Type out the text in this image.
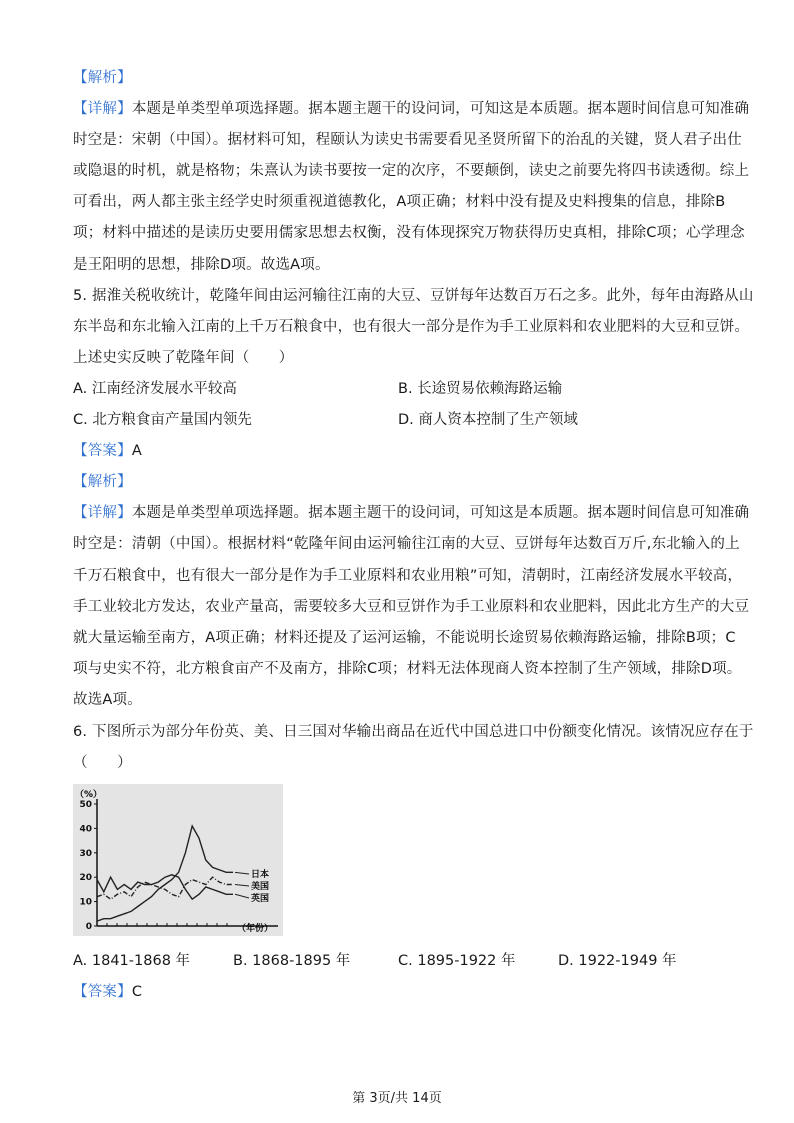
【解析】
【详解】本题是单类型单项选择题。据本题主题干的设问词，可知这是本质题。据本题时间信息可知准确
时空是：宋朝（中国）。据材料可知，程颐认为读史书需要看见圣贤所留下的治乱的关键，贤人君子出仕
或隐退的时机，就是格物；朱熹认为读书要按一定的次序，不要颠倒，读史之前要先将四书读透彻。综上
可看出，两人都主张主经学史时须重视道德教化，A项正确；材料中没有提及史料搜集的信息，排除B
项；材料中描述的是读历史要用儒家思想去权衡，没有体现探究万物获得历史真相，排除C项；心学理念
是王阳明的思想，排除D项。故选A项。
5. 据淮关税收统计，乾隆年间由运河输往江南的大豆、豆饼每年达数百万石之多。此外，每年由海路从山
东半岛和东北输入江南的上千万石粮食中，也有很大一部分是作为手工业原料和农业肥料的大豆和豆饼。
上述史实反映了乾隆年间（　　）
A. 江南经济发展水平较高	B. 长途贸易依赖海路运输
C. 北方粮食亩产量国内领先	D. 商人资本控制了生产领域
【答案】A
【解析】
【详解】本题是单类型单项选择题。据本题主题干的设问词，可知这是本质题。据本题时间信息可知准确
时空是：清朝（中国）。根据材料“乾隆年间由运河输往江南的大豆、豆饼每年达数百万斤,东北输入的上
千万石粮食中，也有很大一部分是作为手工业原料和农业用粮”可知，清朝时，江南经济发展水平较高，
手工业较北方发达，农业产量高，需要较多大豆和豆饼作为手工业原料和农业肥料，因此北方生产的大豆
就大量运输至南方，A项正确；材料还提及了运河运输，不能说明长途贸易依赖海路运输，排除B项；C
项与史实不符，北方粮食亩产不及南方，排除C项；材料无法体现商人资本控制了生产领域，排除D项。
故选A项。
6. 下图所示为部分年份英、美、日三国对华输出商品在近代中国总进口中份额变化情况。该情况应存在于
（　　）
（%）
0
10
20
30
40
50
日本
美国
英国
（年份）
A. 1841-1868 年	B. 1868-1895 年	C. 1895-1922 年	D. 1922-1949 年
【答案】C
第 3页/共 14页
